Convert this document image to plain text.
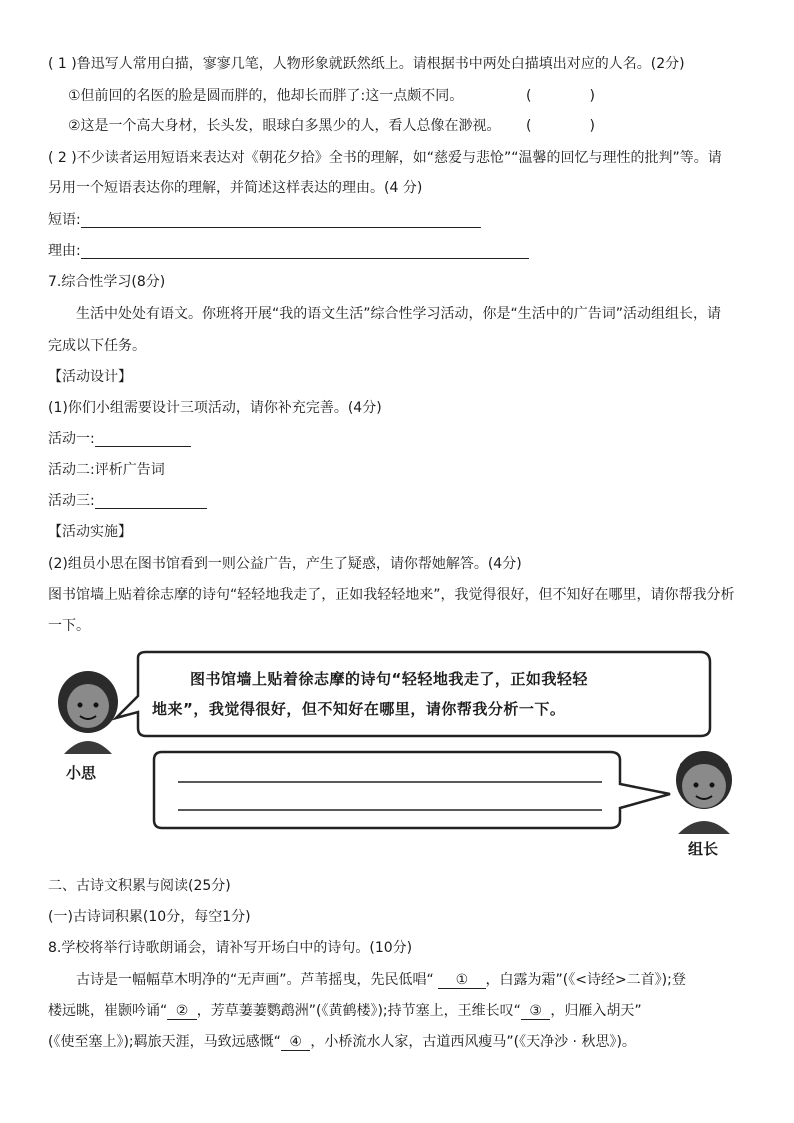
( 1 )鲁迅写人常用白描，寥寥几笔，人物形象就跃然纸上。请根据书中两处白描填出对应的人名。(2分)
①但前回的名医的脸是圆而胖的，他却长而胖了:这一点颇不同。	(	)
②这是一个高大身材，长头发，眼球白多黑少的人，看人总像在渺视。 (	)
( 2 )不少读者运用短语来表达对《朝花夕拾》全书的理解，如“慈爱与悲怆”“温馨的回忆与理性的批判”等。请
另用一个短语表达你的理解，并简述这样表达的理由。(4 分)
短语:
理由:
7.综合性学习(8分)
生活中处处有语文。你班将开展“我的语文生活”综合性学习活动，你是“生活中的广告词”活动组组长，请
完成以下任务。
【活动设计】
(1)你们小组需要设计三项活动，请你补充完善。(4分)
活动一:
活动二:评析广告词
活动三:
【活动实施】
(2)组员小思在图书馆看到一则公益广告，产生了疑惑，请你帮她解答。(4分)
图书馆墙上贴着徐志摩的诗句“轻轻地我走了，正如我轻轻地来”，我觉得很好，但不知好在哪里，请你帮我分析
一下。
图书馆墙上贴着徐志摩的诗句“轻轻地我走了，正如我轻轻
地来”，我觉得很好，但不知好在哪里，请你帮我分析一下。
小思
组长
二、古诗文积累与阅读(25分)
(一)古诗词积累(10分，每空1分)
8.学校将举行诗歌朗诵会，请补写开场白中的诗句。(10分)
古诗是一幅幅草木明净的“无声画”。芦苇摇曳，先民低唱“ ① ，白露为霜”(《<诗经>二首》);登
楼远眺，崔颢吟诵“ ② ，芳草萋萋鹦鹉洲”(《黄鹤楼》);持节塞上，王维长叹“ ③ ，归雁入胡天”
(《使至塞上》);羁旅天涯，马致远感慨“ ④ ，小桥流水人家，古道西风瘦马”(《天净沙 · 秋思》)。
